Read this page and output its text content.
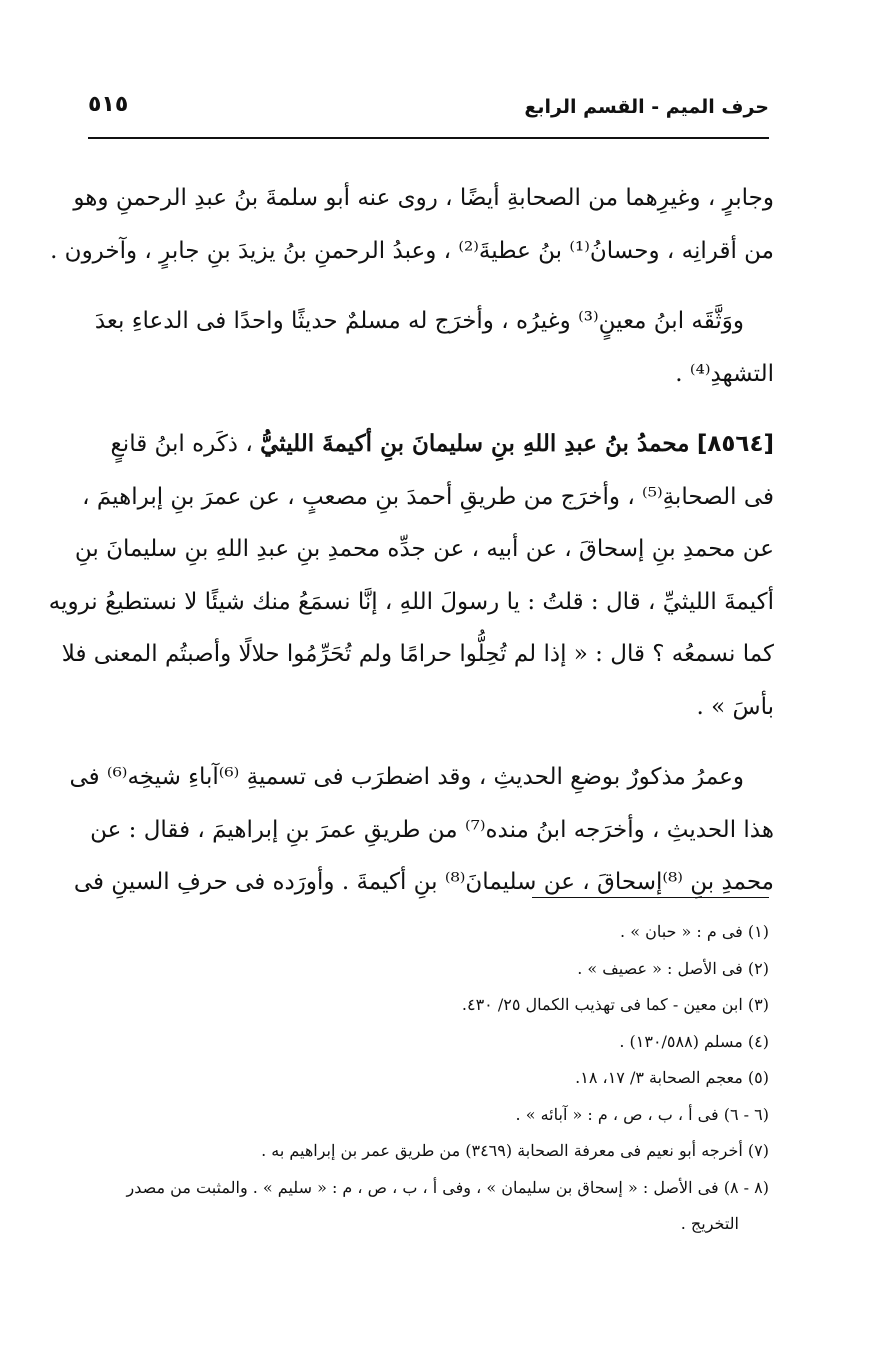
حرف الميم - القسم الرابع
٥١٥

وجابرٍ ، وغيرِهما من الصحابةِ أيضًا ، روى عنه أبو سلمةَ بنُ عبدِ الرحمنِ وهو
من أقرانِه ، وحسانُ⁽¹⁾ بنُ عطيةَ⁽²⁾ ، وعبدُ الرحمنِ بنُ يزيدَ بنِ جابرٍ ، وآخرون .

ووَثَّقَه ابنُ معينٍ⁽³⁾ وغيرُه ، وأخرَج له مسلمٌ حديثًا واحدًا فى الدعاءِ بعدَ
التشهدِ⁽⁴⁾ .

[٨٥٦٤] محمدُ بنُ عبدِ اللهِ بنِ سليمانَ بنِ أكيمةَ الليثيُّ ، ذكَره ابنُ قانعٍ
فى الصحابةِ⁽⁵⁾ ، وأخرَج من طريقِ أحمدَ بنِ مصعبٍ ، عن عمرَ بنِ إبراهيمَ ،
عن محمدِ بنِ إسحاقَ ، عن أبيه ، عن جدِّه محمدِ بنِ عبدِ اللهِ بنِ سليمانَ بنِ
أكيمةَ الليثيِّ ، قال : قلتُ : يا رسولَ اللهِ ، إنَّا نسمَعُ منك شيئًا لا نستطيعُ نرويه
كما نسمعُه ؟ قال : « إذا لم تُحِلُّوا حرامًا ولم تُحَرِّمُوا حلالًا وأصبتُم المعنى فلا
بأسَ » .

وعمرُ مذكورٌ بوضعِ الحديثِ ، وقد اضطرَب فى تسميةِ ⁽⁶⁾آباءِ شيخِه⁽⁶⁾ فى
هذا الحديثِ ، وأخرَجه ابنُ منده⁽⁷⁾ من طريقِ عمرَ بنِ إبراهيمَ ، فقال : عن
محمدِ بنِ ⁽⁸⁾إسحاقَ ، عن سليمانَ⁽⁸⁾ بنِ أكيمةَ . وأورَده فى حرفِ السينِ فى

(١) فى م : « حبان » .
(٢) فى الأصل : « عصيف » .
(٣) ابن معين - كما فى تهذيب الكمال ٢٥/ ٤٣٠.
(٤) مسلم (١٣٠/٥٨٨) .
(٥) معجم الصحابة ٣/ ١٧، ١٨.
(٦ - ٦) فى أ ، ب ، ص ، م : « آبائه » .
(٧) أخرجه أبو نعيم فى معرفة الصحابة (٣٤٦٩) من طريق عمر بن إبراهيم به .
(٨ - ٨) فى الأصل : « إسحاق بن سليمان » ، وفى أ ، ب ، ص ، م : « سليم » . والمثبت من مصدر
التخريج .
